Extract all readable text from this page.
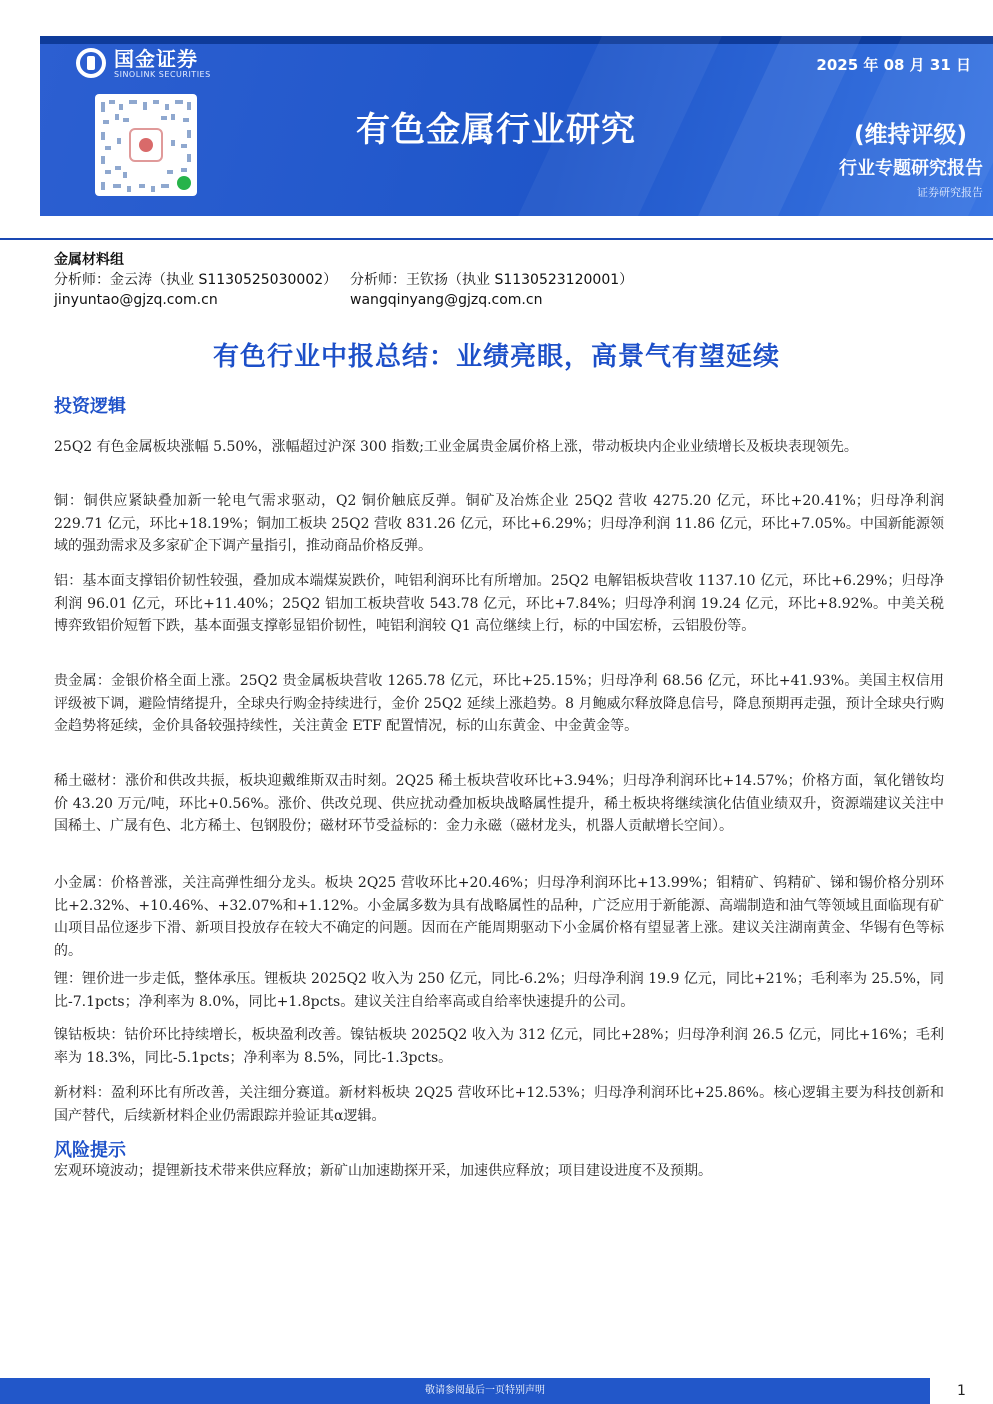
国金证券
SINOLINK SECURITIES
2025 年 08 月 31 日
有色金属行业研究	(维持评级)
行业专题研究报告
证券研究报告
金属材料组
分析师：金云涛（执业 S1130525030002） 分析师：王钦扬（执业 S1130523120001）
jinyuntao@gjzq.com.cn	wangqinyang@gjzq.com.cn
有色行业中报总结：业绩亮眼，高景气有望延续
投资逻辑
25Q2 有色金属板块涨幅 5.50%，涨幅超过沪深 300 指数;工业金属贵金属价格上涨，带动板块内企业业绩增长及板块表现领先。
铜：铜供应紧缺叠加新一轮电气需求驱动，Q2 铜价触底反弹。铜矿及冶炼企业 25Q2 营收 4275.20 亿元，环比+20.41%；归母净利润 229.71 亿元，环比+18.19%；铜加工板块 25Q2 营收 831.26 亿元，环比+6.29%；归母净利润 11.86 亿元，环比+7.05%。中国新能源领域的强劲需求及多家矿企下调产量指引，推动商品价格反弹。
铝：基本面支撑铝价韧性较强，叠加成本端煤炭跌价，吨铝利润环比有所增加。25Q2 电解铝板块营收 1137.10 亿元，环比+6.29%；归母净利润 96.01 亿元，环比+11.40%；25Q2 铝加工板块营收 543.78 亿元，环比+7.84%；归母净利润 19.24 亿元，环比+8.92%。中美关税博弈致铝价短暂下跌，基本面强支撑彰显铝价韧性，吨铝利润较 Q1 高位继续上行，标的中国宏桥，云铝股份等。
贵金属：金银价格全面上涨。25Q2 贵金属板块营收 1265.78 亿元，环比+25.15%；归母净利 68.56 亿元，环比+41.93%。美国主权信用评级被下调，避险情绪提升，全球央行购金持续进行，金价 25Q2 延续上涨趋势。8 月鲍威尔释放降息信号，降息预期再走强，预计全球央行购金趋势将延续，金价具备较强持续性，关注黄金 ETF 配置情况，标的山东黄金、中金黄金等。
稀土磁材：涨价和供改共振，板块迎戴维斯双击时刻。2Q25 稀土板块营收环比+3.94%；归母净利润环比+14.57%；价格方面，氧化镨钕均价 43.20 万元/吨，环比+0.56%。涨价、供改兑现、供应扰动叠加板块战略属性提升，稀土板块将继续演化估值业绩双升，资源端建议关注中国稀土、广晟有色、北方稀土、包钢股份；磁材环节受益标的：金力永磁（磁材龙头，机器人贡献增长空间）。
小金属：价格普涨，关注高弹性细分龙头。板块 2Q25 营收环比+20.46%；归母净利润环比+13.99%；钼精矿、钨精矿、锑和锡价格分别环比+2.32%、+10.46%、+32.07%和+1.12%。小金属多数为具有战略属性的品种，广泛应用于新能源、高端制造和油气等领域且面临现有矿山项目品位逐步下滑、新项目投放存在较大不确定的问题。因而在产能周期驱动下小金属价格有望显著上涨。建议关注湖南黄金、华锡有色等标的。
锂：锂价进一步走低，整体承压。锂板块 2025Q2 收入为 250 亿元，同比-6.2%；归母净利润 19.9 亿元，同比+21%；毛利率为 25.5%，同比-7.1pcts；净利率为 8.0%，同比+1.8pcts。建议关注自给率高或自给率快速提升的公司。
镍钴板块：钴价环比持续增长，板块盈利改善。镍钴板块 2025Q2 收入为 312 亿元，同比+28%；归母净利润 26.5 亿元，同比+16%；毛利率为 18.3%，同比-5.1pcts；净利率为 8.5%，同比-1.3pcts。
新材料：盈利环比有所改善，关注细分赛道。新材料板块 2Q25 营收环比+12.53%；归母净利润环比+25.86%。核心逻辑主要为科技创新和国产替代，后续新材料企业仍需跟踪并验证其α逻辑。
风险提示
宏观环境波动；提锂新技术带来供应释放；新矿山加速勘探开采，加速供应释放；项目建设进度不及预期。
敬请参阅最后一页特别声明	1
